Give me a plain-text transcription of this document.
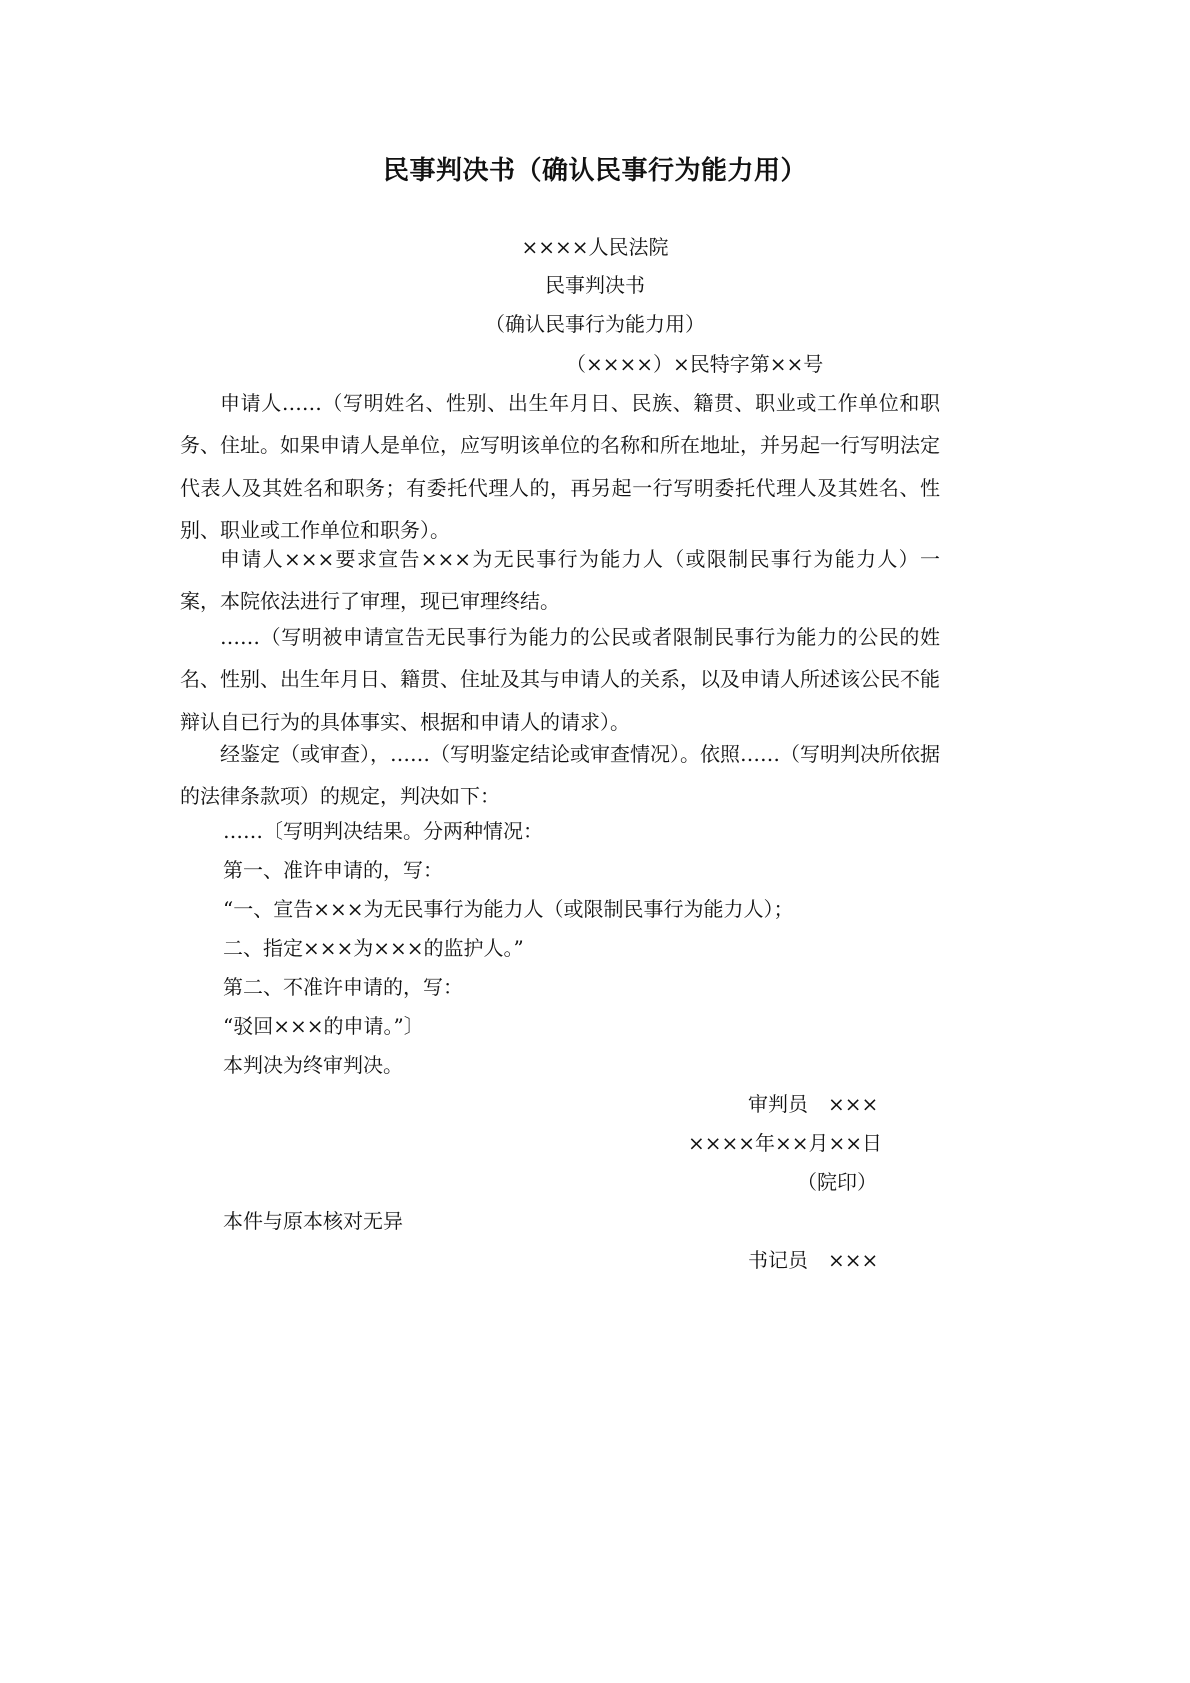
民事判决书（确认民事行为能力用）
××××人民法院
民事判决书
（确认民事行为能力用）
（××××）×民特字第××号

申请人……（写明姓名、性别、出生年月日、民族、籍贯、职业或工作单位和职务、住址。如果申请人是单位，应写明该单位的名称和所在地址，并另起一行写明法定代表人及其姓名和职务；有委托代理人的，再另起一行写明委托代理人及其姓名、性别、职业或工作单位和职务）。

申请人×××要求宣告×××为无民事行为能力人（或限制民事行为能力人）一案，本院依法进行了审理，现已审理终结。

……（写明被申请宣告无民事行为能力的公民或者限制民事行为能力的公民的姓名、性别、出生年月日、籍贯、住址及其与申请人的关系，以及申请人所述该公民不能辩认自已行为的具体事实、根据和申请人的请求）。

经鉴定（或审查），……（写明鉴定结论或审查情况）。依照……（写明判决所依据的法律条款项）的规定，判决如下：

……〔写明判决结果。分两种情况：
第一、准许申请的，写：
“一、宣告×××为无民事行为能力人（或限制民事行为能力人）；
二、指定×××为×××的监护人。”
第二、不准许申请的，写：
“驳回×××的申请。”〕
本判决为终审判决。
审判员　×××
××××年××月××日
（院印）
本件与原本核对无异
书记员　×××
